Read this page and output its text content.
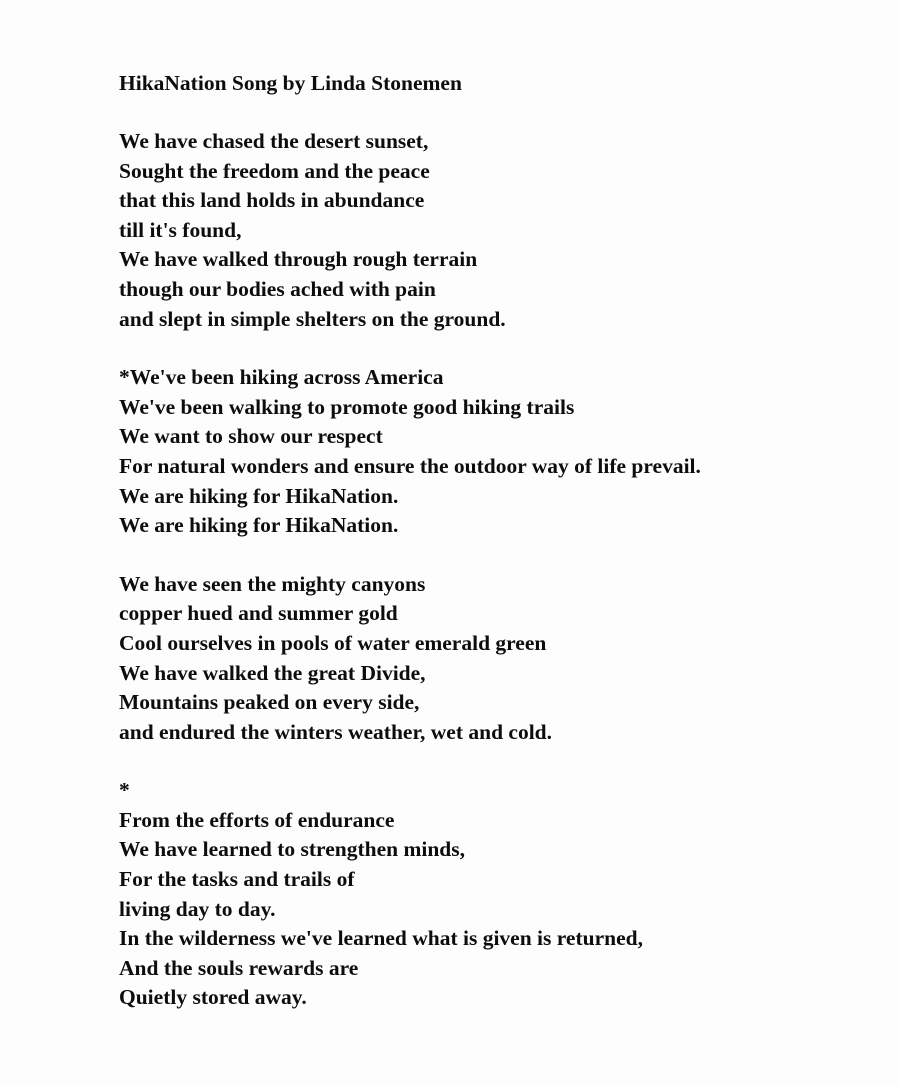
HikaNation Song by Linda Stonemen
We have chased the desert sunset,
Sought the freedom and the peace
that this land holds in abundance
till it's found,
We have walked through rough terrain
though our bodies ached with pain
and slept in simple shelters on the ground.
*We've been hiking across America
We've been walking to promote good hiking trails
We want to show our respect
For natural wonders and ensure the outdoor way of life prevail.
We are hiking for HikaNation.
We are hiking for HikaNation.
We have seen the mighty canyons
copper hued and summer gold
Cool ourselves in pools of water emerald green
We have walked the great Divide,
Mountains peaked on every side,
and endured the winters weather, wet and cold.
*
From the efforts of endurance
We have learned to strengthen minds,
For the tasks and trails of
living day to day.
In the wilderness we've learned what is given is returned,
And the souls rewards are
Quietly stored away.
